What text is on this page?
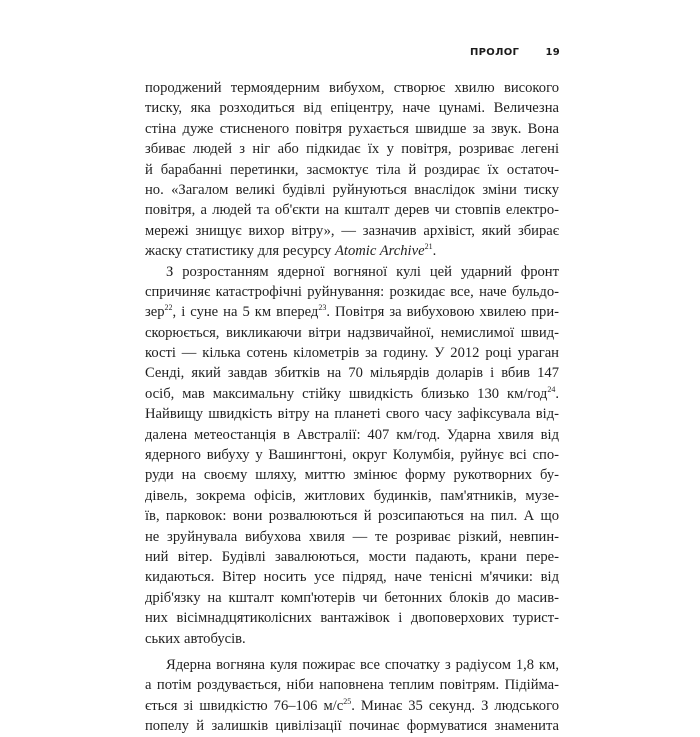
ПРОЛОГ	19
породжений термоядерним вибухом, створює хвилю високого
тиску, яка розходиться від епіцентру, наче цунамі. Величезна
стіна дуже стисненого повітря рухається швидше за звук. Вона
збиває людей з ніг або підкидає їх у повітря, розриває легені
й барабанні перетинки, засмоктує тіла й роздирає їх остаточ-
но. «Загалом великі будівлі руйнуються внаслідок зміни тиску
повітря, а людей та об'єкти на кшталт дерев чи стовпів електро-
мережі знищує вихор вітру», — зазначив архівіст, який збирає
жаску статистику для ресурсу Atomic Archive$^{21}$.
З розростанням ядерної вогняної кулі цей ударний фронт
спричиняє катастрофічні руйнування: розкидає все, наче бульдо-
зер$^{22}$, і суне на 5 км вперед$^{23}$. Повітря за вибуховою хвилею при-
скорюється, викликаючи вітри надзвичайної, немислимої швид-
кості — кілька сотень кілометрів за годину. У 2012 році ураган
Сенді, який завдав збитків на 70 мільярдів доларів і вбив 147
осіб, мав максимальну стійку швидкість близько 130 км/год$^{24}$.
Найвищу швидкість вітру на планеті свого часу зафіксувала від-
далена метеостанція в Австралії: 407 км/год. Ударна хвиля від
ядерного вибуху у Вашингтоні, округ Колумбія, руйнує всі спо-
руди на своєму шляху, миттю змінює форму рукотворних бу-
дівель, зокрема офісів, житлових будинків, пам'ятників, музе-
їв, парковок: вони розвалюються й розсипаються на пил. А що
не зруйнувала вибухова хвиля — те розриває різкий, невпин-
ний вітер. Будівлі завалюються, мости падають, крани пере-
кидаються. Вітер носить усе підряд, наче тенісні м'ячики: від
дріб'язку на кшталт комп'ютерів чи бетонних блоків до масив-
них вісімнадцятиколісних вантажівок і двоповерхових турист-
ських автобусів.
Ядерна вогняна куля пожирає все спочатку з радіусом 1,8 км,
а потім роздувається, ніби наповнена теплим повітрям. Підійма-
ється зі швидкістю 76–106 $м/с^{25}$. Минає 35 секунд. З людського
попелу й залишків цивілізації починає формуватися знаменита
